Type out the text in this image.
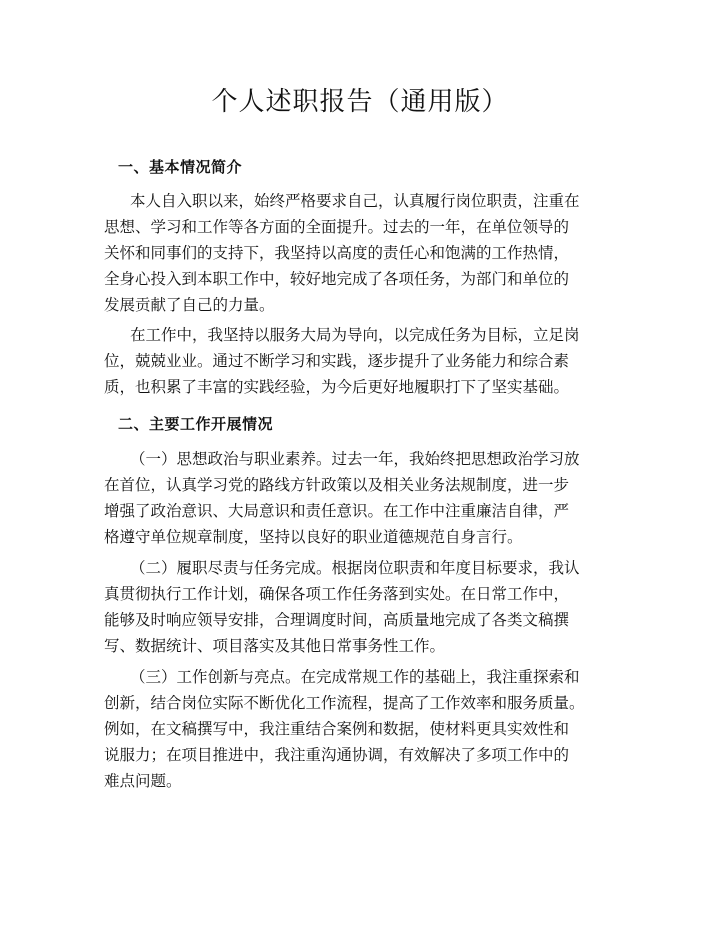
个人述职报告（通用版）
一、基本情况简介
本人自入职以来，始终严格要求自己，认真履行岗位职责，注重在
思想、学习和工作等各方面的全面提升。过去的一年，在单位领导的
关怀和同事们的支持下，我坚持以高度的责任心和饱满的工作热情，
全身心投入到本职工作中，较好地完成了各项任务，为部门和单位的
发展贡献了自己的力量。
在工作中，我坚持以服务大局为导向，以完成任务为目标，立足岗
位，兢兢业业。通过不断学习和实践，逐步提升了业务能力和综合素
质，也积累了丰富的实践经验，为今后更好地履职打下了坚实基础。
二、主要工作开展情况
（一）思想政治与职业素养。过去一年，我始终把思想政治学习放
在首位，认真学习党的路线方针政策以及相关业务法规制度，进一步
增强了政治意识、大局意识和责任意识。在工作中注重廉洁自律，严
格遵守单位规章制度，坚持以良好的职业道德规范自身言行。
（二）履职尽责与任务完成。根据岗位职责和年度目标要求，我认
真贯彻执行工作计划，确保各项工作任务落到实处。在日常工作中，
能够及时响应领导安排，合理调度时间，高质量地完成了各类文稿撰
写、数据统计、项目落实及其他日常事务性工作。
（三）工作创新与亮点。在完成常规工作的基础上，我注重探索和
创新，结合岗位实际不断优化工作流程，提高了工作效率和服务质量。
例如，在文稿撰写中，我注重结合案例和数据，使材料更具实效性和
说服力；在项目推进中，我注重沟通协调，有效解决了多项工作中的
难点问题。
